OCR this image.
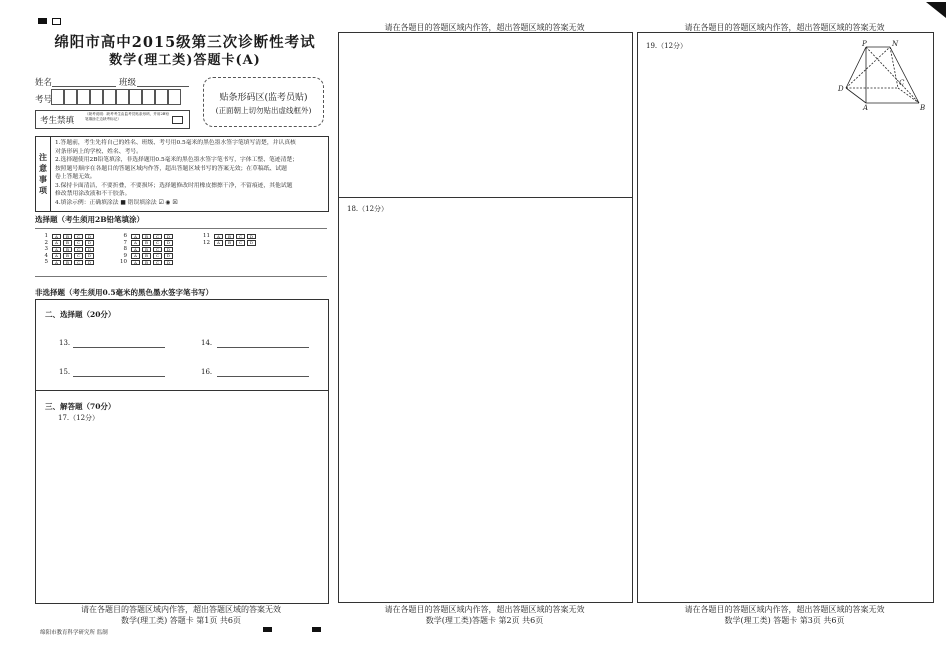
绵阳市高中2015级第三次诊断性考试
数学(理工类)答题卡(A)
姓名	班级
考号
考生禁填
（缺考说明：缺考考生由监考员贴条形码，并用2B铅笔填涂左边缺考标记）
贴条形码区(监考员贴)
(正面朝上切勿贴出虚线框外)
注
意
事
项
1.答题前，考生先将自己的姓名、班级、考号用0.5毫米的黑色墨水签字笔填写清楚，并认真核
对条形码上的学校、姓名、考号。
2.选择题使用2B铅笔填涂，非选择题用0.5毫米的黑色墨水签字笔书写，字体工整、笔迹清楚；
按照题号顺序在各题目的答题区域内作答，超出答题区域书写的答案无效；在草稿纸、试题
卷上答题无效。
3.保持卡面清洁，不要折叠，不要损坏；选择题修改时用橡皮擦擦干净，不留痕迹，其他试题
修改禁用涂改液和不干胶条。
4.填涂示例：正确填涂法 ■ 错误填涂法 ☑ ◉ ☒
选择题（考生须用2B铅笔填涂）
1	A	B	C	D
2	A	B	C	D
3	A	B	C	D
4	A	B	C	D
5	A	B	C	D
6	A	B	C	D
7	A	B	C	D
8	A	B	C	D
9	A	B	C	D
10	A	B	C	D
11	A	B	C	D
12	A	B	C	D
非选择题（考生须用0.5毫米的黑色墨水签字笔书写）
二、选择题（20分）
13.	14.
15.	16.
三、解答题（70分）
17.（12分）
请在各题目的答题区域内作答，超出答题区域的答案无效
数学(理工类) 答题卡 第1页 共6页
绵阳市教育科学研究所 监制
请在各题目的答题区域内作答，超出答题区域的答案无效
18.（12分）
请在各题目的答题区域内作答，超出答题区域的答案无效
数学(理工类)答题卡 第2页 共6页
请在各题目的答题区域内作答，超出答题区域的答案无效
19.（12分）	P	N
D
C
A	B
请在各题目的答题区域内作答，超出答题区域的答案无效
数学(理工类) 答题卡 第3页 共6页
